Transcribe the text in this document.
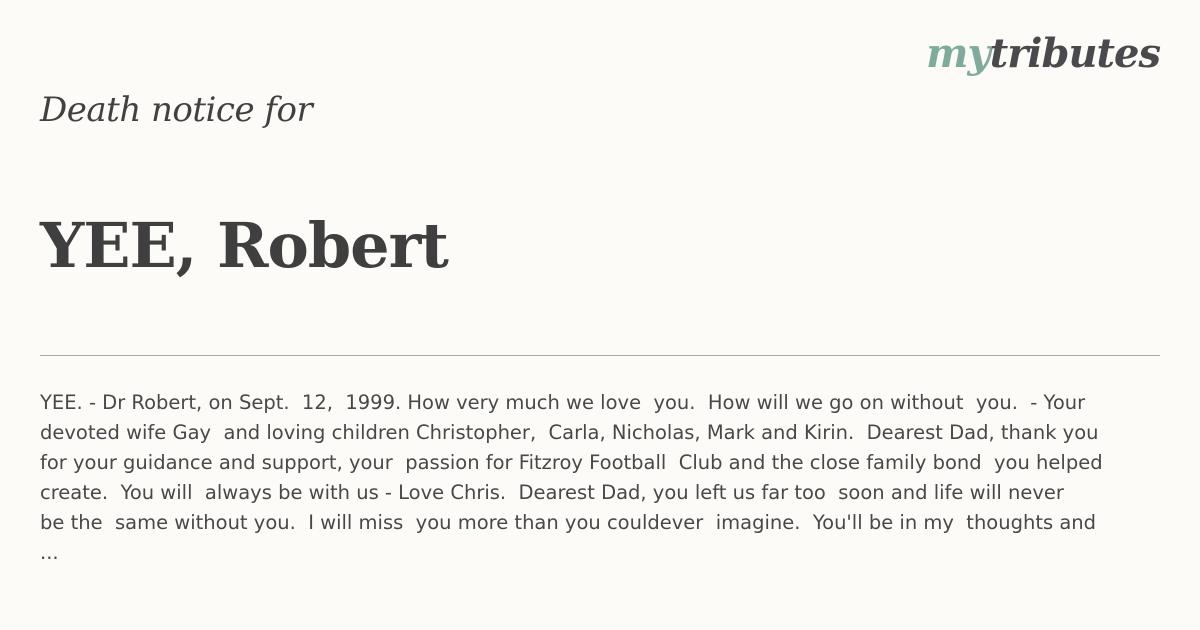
mytributes
Death notice for
YEE, Robert

YEE. - Dr Robert, on Sept.  12,  1999. How very much we love  you.  How will we go on without  you.  - Your
devoted wife Gay  and loving children Christopher,  Carla, Nicholas, Mark and Kirin.  Dearest Dad, thank you
for your guidance and support, your  passion for Fitzroy Football  Club and the close family bond  you helped
create.  You will  always be with us - Love Chris.  Dearest Dad, you left us far too  soon and life will never
be the  same without you.  I will miss  you more than you couldever  imagine.  You'll be in my  thoughts and
...
